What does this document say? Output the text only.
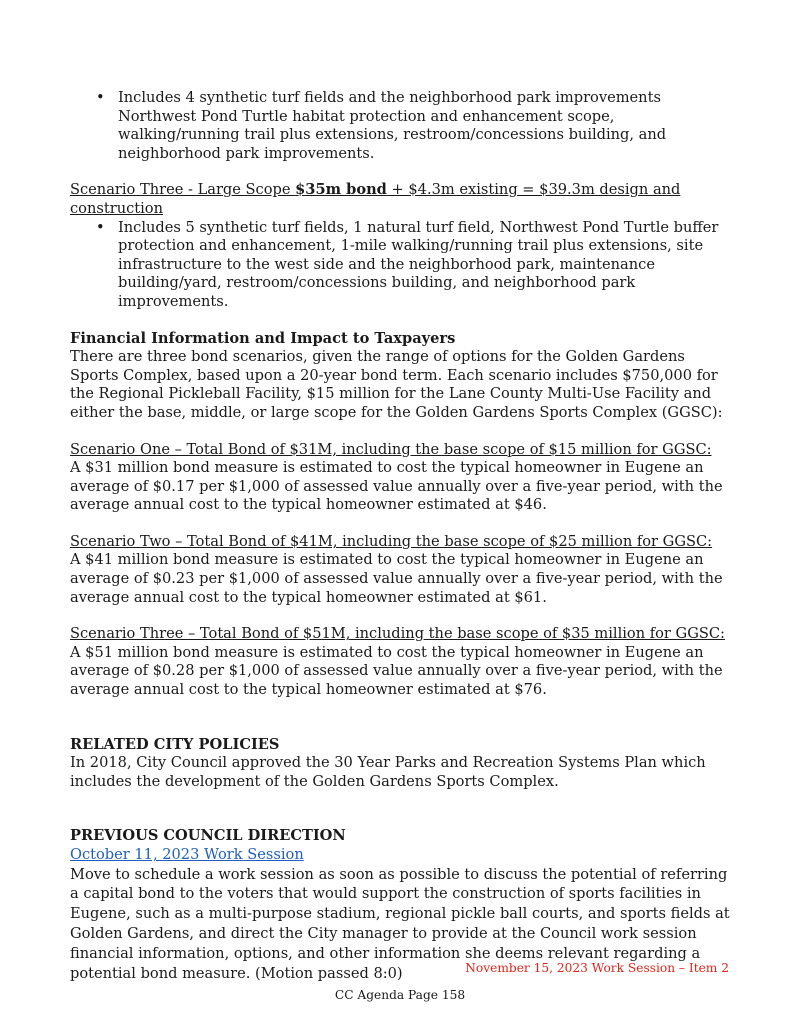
• Includes 4 synthetic turf fields and the neighborhood park improvements Northwest Pond Turtle habitat protection and enhancement scope, walking/running trail plus extensions, restroom/concessions building, and neighborhood park improvements.

Scenario Three - Large Scope $35m bond + $4.3m existing = $39.3m design and construction

• Includes 5 synthetic turf fields, 1 natural turf field, Northwest Pond Turtle buffer protection and enhancement, 1-mile walking/running trail plus extensions, site infrastructure to the west side and the neighborhood park, maintenance building/yard, restroom/concessions building, and neighborhood park improvements.

Financial Information and Impact to Taxpayers

There are three bond scenarios, given the range of options for the Golden Gardens Sports Complex, based upon a 20-year bond term. Each scenario includes $750,000 for the Regional Pickleball Facility, $15 million for the Lane County Multi-Use Facility and either the base, middle, or large scope for the Golden Gardens Sports Complex (GGSC):

Scenario One – Total Bond of $31M, including the base scope of $15 million for GGSC:

A $31 million bond measure is estimated to cost the typical homeowner in Eugene an average of $0.17 per $1,000 of assessed value annually over a five-year period, with the average annual cost to the typical homeowner estimated at $46.

Scenario Two – Total Bond of $41M, including the base scope of $25 million for GGSC:

A $41 million bond measure is estimated to cost the typical homeowner in Eugene an average of $0.23 per $1,000 of assessed value annually over a five-year period, with the average annual cost to the typical homeowner estimated at $61.

Scenario Three – Total Bond of $51M, including the base scope of $35 million for GGSC:

A $51 million bond measure is estimated to cost the typical homeowner in Eugene an average of $0.28 per $1,000 of assessed value annually over a five-year period, with the average annual cost to the typical homeowner estimated at $76.

RELATED CITY POLICIES

In 2018, City Council approved the 30 Year Parks and Recreation Systems Plan which includes the development of the Golden Gardens Sports Complex.

PREVIOUS COUNCIL DIRECTION

October 11, 2023 Work Session

Move to schedule a work session as soon as possible to discuss the potential of referring a capital bond to the voters that would support the construction of sports facilities in Eugene, such as a multi-purpose stadium, regional pickle ball courts, and sports fields at Golden Gardens, and direct the City manager to provide at the Council work session financial information, options, and other information she deems relevant regarding a potential bond measure. (Motion passed 8:0)	November 15, 2023 Work Session – Item 2
CC Agenda Page 158
